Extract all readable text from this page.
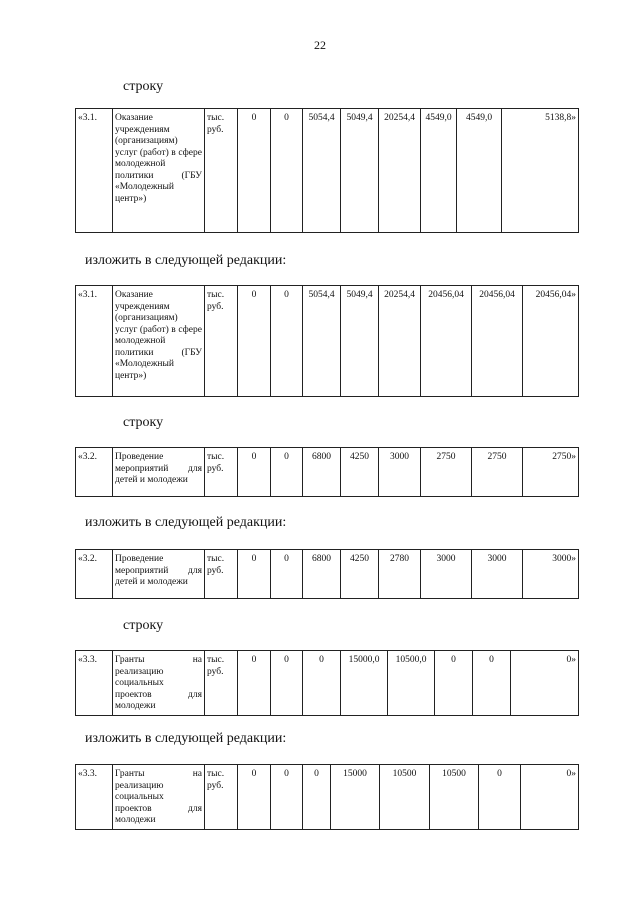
22
строку
«3.1.	Оказание учреждениям (организациям) услуг (работ) в сфере молодежной политики (ГБУ «Молодежный центр»)	тыс. руб.	0	0	5054,4	5049,4	20254,4	4549,0	4549,0	5138,8»
изложить в следующей редакции:
«3.1.	Оказание учреждениям (организациям) услуг (работ) в сфере молодежной политики (ГБУ «Молодежный центр»)	тыс. руб.	0	0	5054,4	5049,4	20254,4	20456,04	20456,04	20456,04»
строку
«3.2.	Проведение мероприятий для детей и молодежи	тыс. руб.	0	0	6800	4250	3000	2750	2750	2750»
изложить в следующей редакции:
«3.2.	Проведение мероприятий для детей и молодежи	тыс. руб.	0	0	6800	4250	2780	3000	3000	3000»
строку
«3.3.	Гранты на реализацию социальных проектов для молодежи	тыс. руб.	0	0	0	15000,0	10500,0	0	0	0»
изложить в следующей редакции:
«3.3.	Гранты на реализацию социальных проектов для молодежи	тыс. руб.	0	0	0	15000	10500	10500	0	0»
